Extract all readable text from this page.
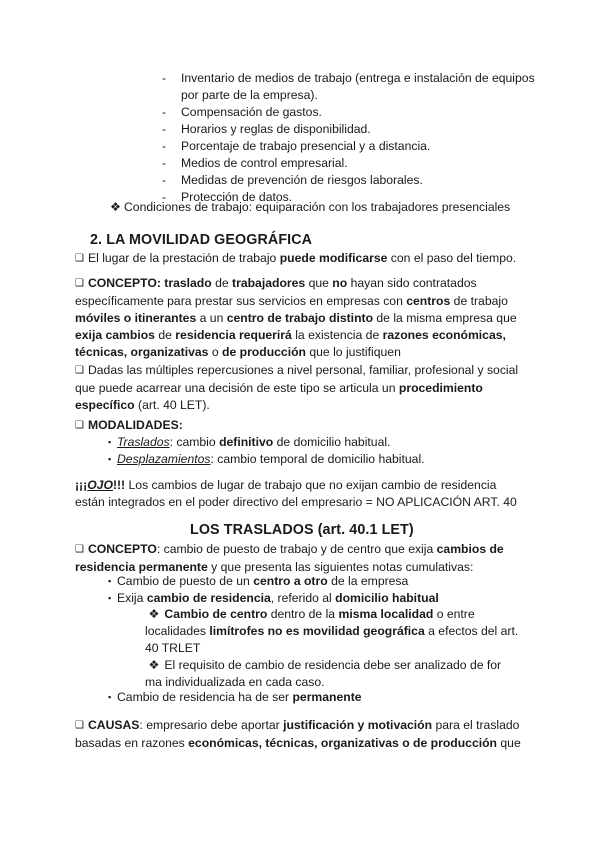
-	Inventario de medios de trabajo (entrega e instalación de equipos por parte de la empresa).
-	Compensación de gastos.
-	Horarios y reglas de disponibilidad.
-	Porcentaje de trabajo presencial y a distancia.
-	Medios de control empresarial.
-	Medidas de prevención de riesgos laborales.
-	Protección de datos.
❖ Condiciones de trabajo: equiparación con los trabajadores presenciales
2. LA MOVILIDAD GEOGRÁFICA
❑ El lugar de la prestación de trabajo puede modificarse con el paso del tiempo.
❑ CONCEPTO: traslado de trabajadores que no hayan sido contratados específicamente para prestar sus servicios en empresas con centros de trabajo móviles o itinerantes a un centro de trabajo distinto de la misma empresa que exija cambios de residencia requerirá la existencia de razones económicas, técnicas, organizativas o de producción que lo justifiquen
❑ Dadas las múltiples repercusiones a nivel personal, familiar, profesional y social que puede acarrear una decisión de este tipo se articula un procedimiento específico (art. 40 LET).
❑ MODALIDADES:
▪ Traslados: cambio definitivo de domicilio habitual.
▪ Desplazamientos: cambio temporal de domicilio habitual.
¡¡¡OJO!!! Los cambios de lugar de trabajo que no exijan cambio de residencia están integrados en el poder directivo del empresario = NO APLICACIÓN ART. 40
LOS TRASLADOS (art. 40.1 LET)
❑ CONCEPTO: cambio de puesto de trabajo y de centro que exija cambios de residencia permanente y que presenta las siguientes notas cumulativas:
▪ Cambio de puesto de un centro a otro de la empresa
▪ Exija cambio de residencia, referido al domicilio habitual
❖ Cambio de centro dentro de la misma localidad o entre localidades limítrofes no es movilidad geográfica a efectos del art. 40 TRLET
❖ El requisito de cambio de residencia debe ser analizado de for ma individualizada en cada caso.
▪ Cambio de residencia ha de ser permanente
❑ CAUSAS: empresario debe aportar justificación y motivación para el traslado basadas en razones económicas, técnicas, organizativas o de producción que
